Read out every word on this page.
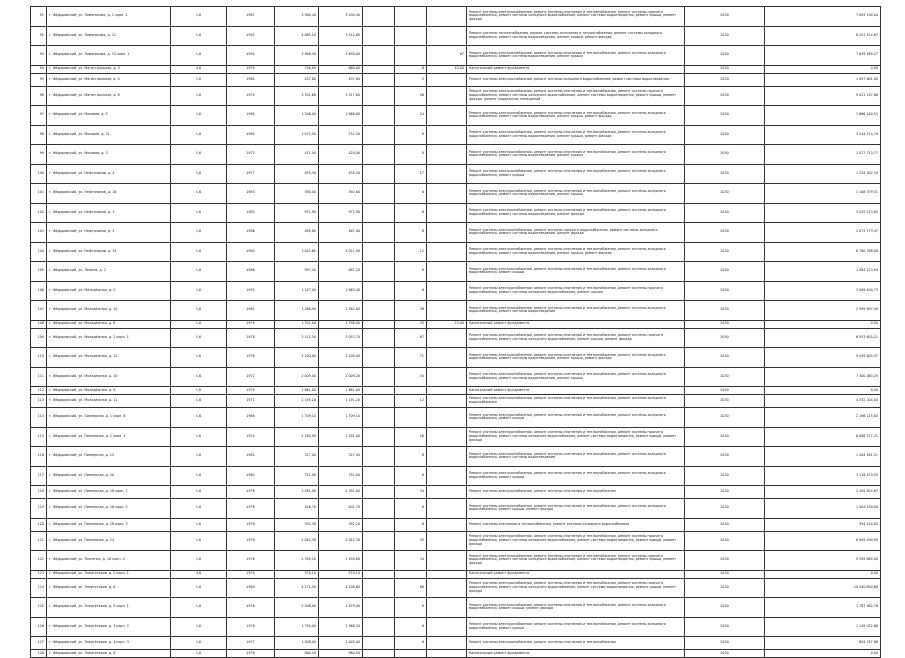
91	г. Фёдоровский, ул. Ломоносова, д. 1 корп. 2	1,6	1987	3 360,40	3 200,40				Ремонт системы электроснабжения, ремонт системы отопления и теплоснабжения, ремонт системы горячего водоснабжения, ремонт системы холодного водоснабжения, ремонт системы водоотведения, ремонт крыши, ремонт фасада	2030	7 093 190,04
92	г. Фёдоровский, ул. Ломоносова, д. 11	1,6	1992	4 065,10	3 912,60				Ремонт системы теплоснабжения, ремонт системы отопления и теплоснабжения, ремонт системы холодного водоснабжения, ремонт системы водоотведения, ремонт крыши, ремонт фасада	2030	8 207 414,67
93	г. Фёдоровский, ул. Ломоносова, д. 13 корп. 1	1,6	1994	3 966,30	3 630,00			67	Ремонт системы электроснабжения, ремонт системы отопления и теплоснабжения, ремонт системы холодного водоснабжения, ремонт системы водоотведения, ремонт крыши	2030	7 639 489,27
94	г. Фёдоровский, ул. Магистральная, д. 3	4,6	1979	726,00	660,00		8	43,00	Капитальный ремонт фундамента	2030	0,00
95	г. Фёдоровский, ул. Магистральная, д. 4	1,6	1981	437,80	437,80		5		Ремонт системы электроснабжения, ремонт системы холодного водоснабжения, ремонт системы водоотведения	2030	1 097 601,00
96	г. Фёдоровский, ул. Магистральная, д. 8	1,6	1974	3 701,60	3 517,60		56		Ремонт системы электроснабжения, ремонт системы отопления и теплоснабжения, ремонт системы горячего водоснабжения, ремонт системы холодного водоснабжения, ремонт системы водоотведения, ремонт крыши, ремонт фасада, ремонт подвальных помещений	2030	9 021 157,86
97	г. Фёдоровский, ул. Моховая, д. 5	1,6	1980	1 206,00	1 068,80		24		Ремонт системы электроснабжения, ремонт системы отопления и теплоснабжения, ремонт системы холодного водоснабжения, ремонт системы водоотведения, ремонт крыши, ремонт фасада	2030	1 666 140,51
98	г. Фёдоровский, ул. Моховая, д. 21	1,6	1980	1 075,50	752,50		8		Ремонт системы электроснабжения, ремонт системы отопления и теплоснабжения, ремонт системы холодного водоснабжения, ремонт системы водоотведения, ремонт крыши, ремонт фасада	2030	3 244 574,70
99	г. Фёдоровский, ул. Моховая, д. 3	1,6	1972	471,00	420,00		8		Ремонт системы электроснабжения, ремонт системы отопления и теплоснабжения, ремонт системы холодного водоснабжения, ремонт системы водоотведения, ремонт крыши	2030	1 077 713,77
100	г. Фёдоровский, ул. Нефтяников, д. 4	1,6	1977	455,30	455,30		17		Ремонт системы электроснабжения, ремонт системы отопления и теплоснабжения, ремонт системы холодного водоснабжения, ремонт крыши	2030	1 254 302,34
101	г. Фёдоровский, ул. Нефтяников, д. 16	1,6	1983	390,00	392,60		8		Ремонт системы электроснабжения, ремонт системы отопления и теплоснабжения, ремонт системы холодного водоснабжения, ремонт системы водоотведения, ремонт крыши	2030	1 108 579,31
102	г. Фёдоровский, ул. Нефтяников, д. 3	1,6	1983	972,90	972,90		8		Ремонт системы электроснабжения, ремонт системы отопления и теплоснабжения, ремонт системы холодного водоснабжения, ремонт системы водоотведения, ремонт фасада	2030	3 029 223,65
103	г. Фёдоровский, ул. Нефтяников, д. 5	1,6	1986	489,80	467,00		8		Ремонт системы электроснабжения, ремонт системы горячего водоснабжения, ремонт системы холодного водоснабжения, ремонт системы водоотведения, ремонт фасада	2030	2 073 773,47
104	г. Фёдоровский, ул. Нефтяников, д. 15	1,6	1984	3 045,60	3 021,90		12		Ремонт системы электроснабжения, ремонт системы отопления и теплоснабжения, ремонт системы холодного водоснабжения, ремонт системы водоотведения, ремонт крыши, ремонт фасада	2030	6 780 768,08
105	г. Фёдоровский, ул. Ленина, д. 2	1,6	1986	997,20	887,20		8		Ремонт системы электроснабжения, ремонт системы отопления и теплоснабжения, ремонт системы холодного водоснабжения, ремонт крыши	2030	1 563 223,04
106	г. Фёдоровский, ул. Молодёжная, д. 5	1,6	1993	1 147,00	1 063,40		8		Ремонт системы электроснабжения, ремонт системы отопления и теплоснабжения, ремонт системы горячего водоснабжения, ремонт системы холодного водоснабжения, ремонт крыши	2030	3 909 404,73
107	г. Фёдоровский, ул. Молодёжная, д. 10	1,6	1982	1 268,90	1 262,00		36		Ремонт системы электроснабжения, ремонт системы отопления и теплоснабжения, ремонт системы холодного водоснабжения, ремонт системы водоотведения	2030	2 999 897,49
108	г. Фёдоровский, ул. Молодёжная, д. 8	1,6	1979	1 701,00	1 798,00		35	23,00	Капитальный ремонт фундамента	2030	0,00
109	г. Фёдоровский, ул. Молодёжная, д. 2 корп. 1	1,6	1978	3 112,50	3 053,70		67		Ремонт системы электроснабжения, ремонт системы отопления и теплоснабжения, ремонт системы горячего водоснабжения, ремонт системы холодного водоснабжения, ремонт крыши, ремонт фасада	2030	6 953 605,21
110	г. Фёдоровский, ул. Молодёжная, д. 12	1,6	1976	3 100,00	3 100,00		71		Ремонт системы электроснабжения, ремонт системы отопления и теплоснабжения, ремонт системы холодного водоснабжения, ремонт системы водоотведения, ремонт крыши, ремонт фасада	2030	9 449 605,37
111	г. Фёдоровский, ул. Молодёжная, д. 10	1,6	1972	2 009,00	2 009,20		34		Ремонт системы электроснабжения, ремонт системы отопления и теплоснабжения, ремонт системы холодного водоснабжения, ремонт системы водоотведения, ремонт крыши	2030	7 400 063,25
112	г. Фёдоровский, ул. Молодёжная, д. 6	1,6	1979	1 861,00	1 861,00				Капитальный ремонт фундамента	2030	0,00
113	г. Фёдоровский, ул. Молодёжная, д. 11	1,6	1971	1 195,20	1 191,20		12		Ремонт системы электроснабжения, ремонт системы отопления и теплоснабжения, ремонт системы холодного водоснабжения	2030	4 332 204,04
114	г. Фёдоровский, ул. Пионерная, д. 1 корп. 8	1,6	1968	1 709,10	1 709,10				Ремонт системы электроснабжения, ремонт системы отопления и теплоснабжения, ремонт системы холодного водоснабжения, ремонт крыши	2030	2 198 115,85
115	г. Фёдоровский, ул. Пионерная, д. 1 корп. 4	1,6	1970	2 180,50	2 181,00		26		Ремонт системы электроснабжения, ремонт системы отопления и теплоснабжения, ремонт системы горячего водоснабжения, ремонт системы холодного водоснабжения, ремонт системы водоотведения, ремонт крыши, ремонт фасада	2030	6 088 377,21
116	г. Фёдоровский, ул. Пионерная, д. 15	1,6	1982	327,00	327,00		8		Ремонт системы электроснабжения, ремонт системы отопления и теплоснабжения, ремонт системы холодного водоснабжения, ремонт системы водоотведения	2030	1 204 461,21
117	г. Фёдоровский, ул. Пионерная, д. 20	1,6	1982	751,00	752,00		8		Ремонт системы электроснабжения, ремонт системы отопления и теплоснабжения, ремонт системы холодного водоснабжения, ремонт крыши	2030	3 118 470,55
118	г. Фёдоровский, ул. Пионерная, д. 18 корп. 1	1,6	1978	2 281,00	2 281,00		34		Ремонт системы электроснабжения, ремонт системы отопления и теплоснабжения	2030	2 105 824,67
119	г. Фёдоровский, ул. Пионерная, д. 16 корп. 5	1,6	1978	426,70	401,70		8		Ремонт системы электроснабжения, ремонт системы отопления и теплоснабжения, ремонт системы холодного водоснабжения, ремонт крыши, ремонт фасада	2030	1 504 130,00
120	г. Фёдоровский, ул. Пионерная, д. 18 корп. 3	1,6	1978	392,30	392,20		8		Ремонт системы отопления и теплоснабжения, ремонт системы холодного водоснабжения	2030	394 144,02
121	г. Фёдоровский, ул. Пионерная, д. 24	1,6	1978	2 042,30	2 042,30		35		Ремонт системы электроснабжения, ремонт системы отопления и теплоснабжения, ремонт системы горячего водоснабжения, ремонт системы холодного водоснабжения, ремонт системы водоотведения, ремонт крыши, ремонт фасада	2030	6 905 590,99
122	г. Фёдоровский, ул. Ткаченко, д. 10 корп. 4	1,6	1976	2 789,20	2 490,60		34		Ремонт системы электроснабжения, ремонт системы отопления и теплоснабжения, ремонт системы горячего водоснабжения, ремонт системы холодного водоснабжения, ремонт системы водоотведения, ремонт крыши, ремонт фасада	2030	9 549 885,00
123	г. Фёдоровский, ул. Энергетиков, д. 2 корп. 1	4,6	1970	570,10	570,10				Капитальный ремонт фундамента	2030	0,00
124	г. Фёдоровский, ул. Энергетиков, д. 6	1,6	1969	4 171,50	4 108,60		66		Ремонт системы электроснабжения, ремонт системы отопления и теплоснабжения, ремонт системы горячего водоснабжения, ремонт системы холодного водоснабжения, ремонт системы водоотведения, ремонт крыши, ремонт фасада	2030	10 540 850,66
125	г. Фёдоровский, ул. Энергетиков, д. 5 корп. 1	1,6	1976	2 306,00	1 879,00		8		Ремонт системы электроснабжения, ремонт системы отопления и теплоснабжения, ремонт системы холодного водоснабжения, ремонт крыши, ремонт фасада	2030	1 787 982,78
126	г. Фёдоровский, ул. Энергетиков, д. 3 корп. 2	1,6	1978	1 750,00	2 968,50		8		Ремонт системы электроснабжения, ремонт системы отопления и теплоснабжения, ремонт системы холодного водоснабжения, ремонт крыши	2030	1 149 032,68
127	г. Фёдоровский, ул. Энергетиков, д. 4 корп. 3	1,6	1977	1 008,00	1 005,00		8		Ремонт системы электроснабжения, ремонт системы отопления и теплоснабжения	2030	654 787,88
128	г. Фёдоровский, ул. Энергетиков, д. 8	1,6	1978	960,50	960,50				Капитальный ремонт фундамента	2030	0,00
